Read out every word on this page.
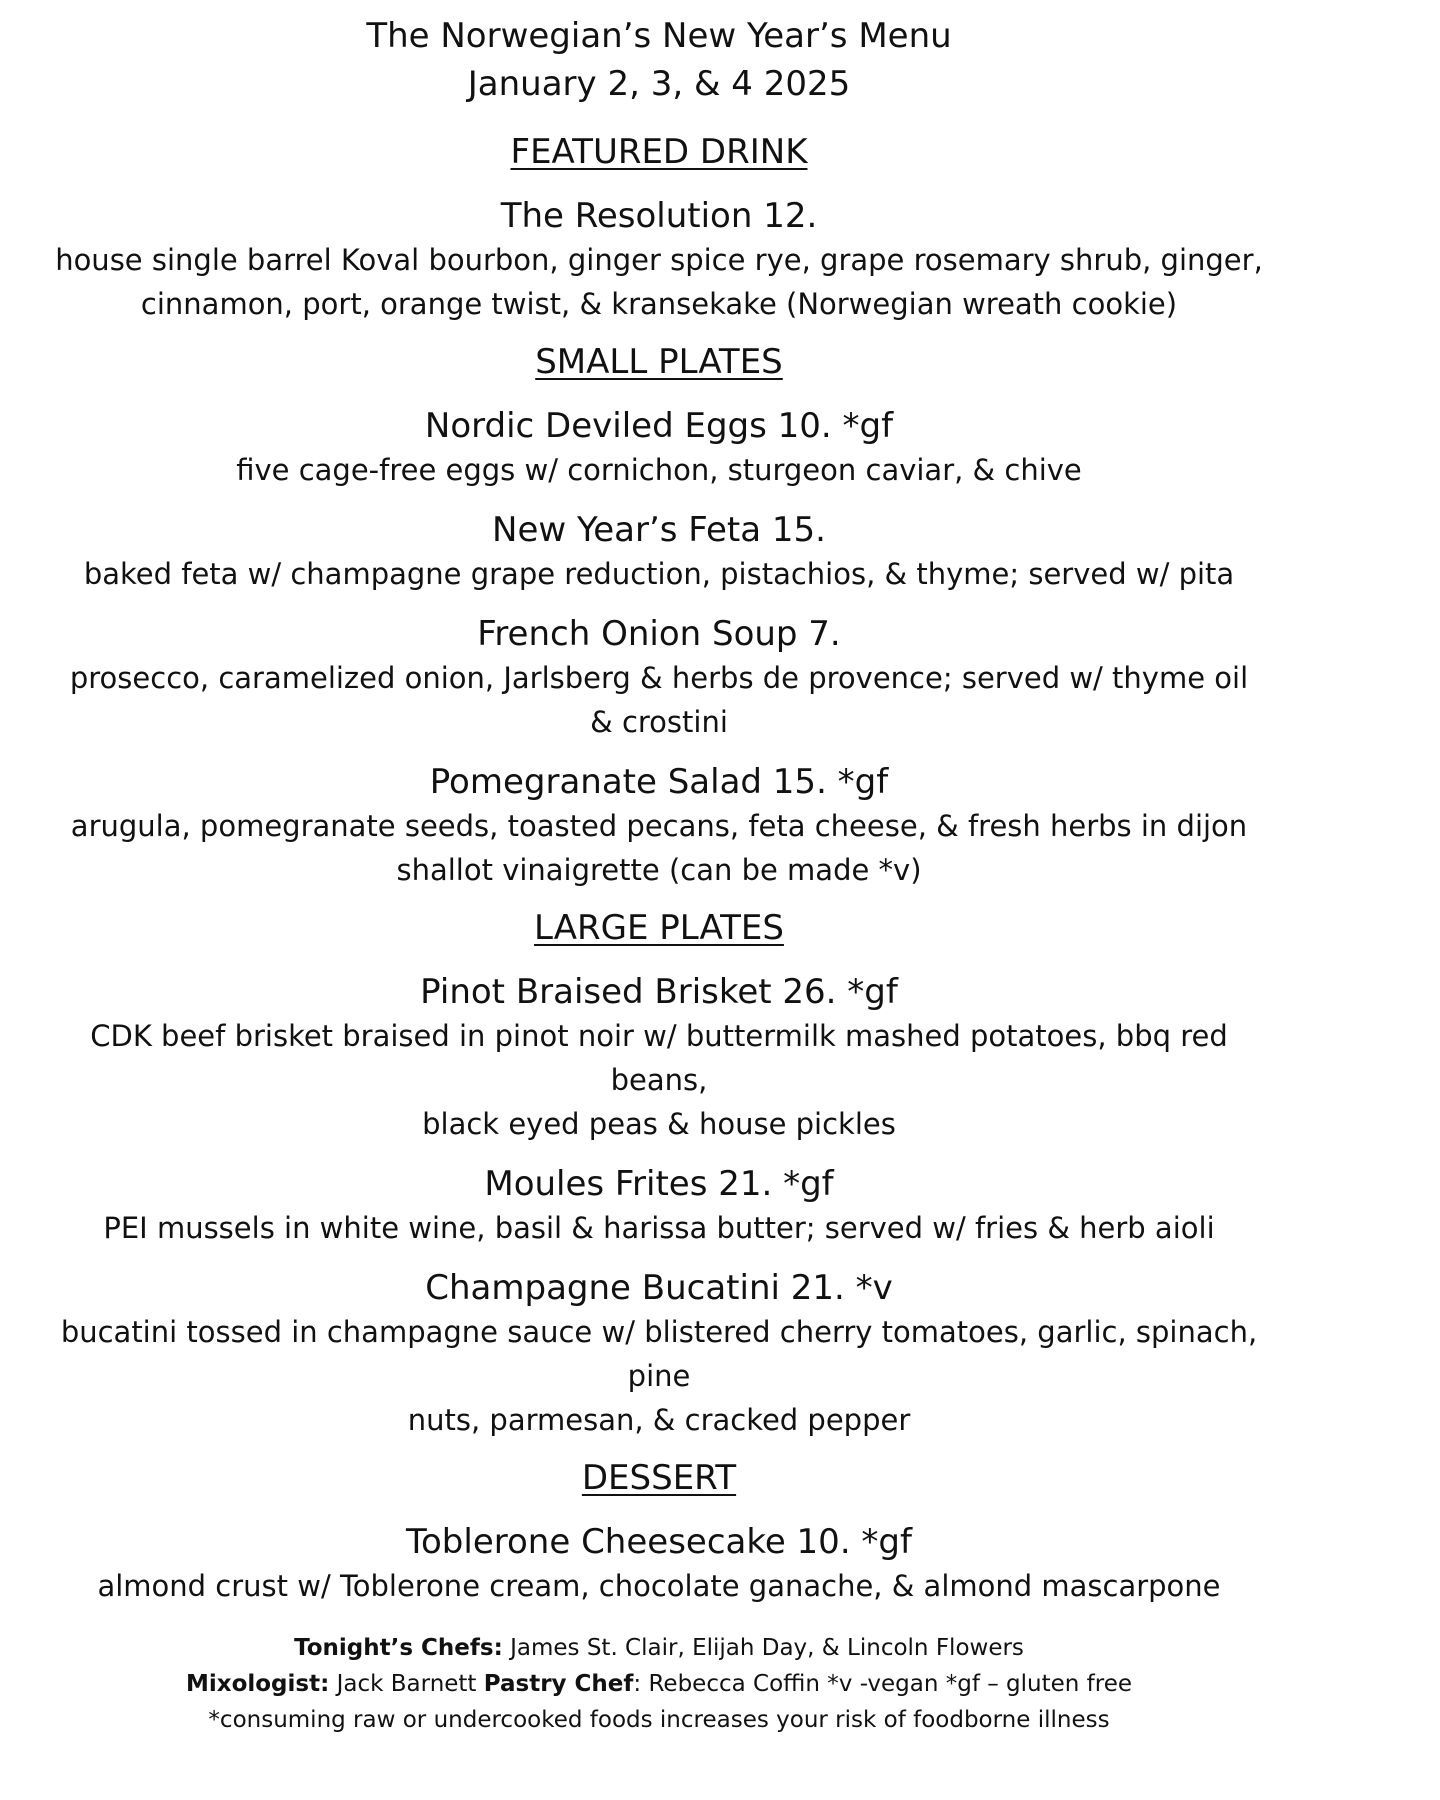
The Norwegian’s New Year’s Menu

January 2, 3, & 4 2025

FEATURED DRINK

The Resolution 12.

house single barrel Koval bourbon, ginger spice rye, grape rosemary shrub, ginger,

cinnamon, port, orange twist, & kransekake (Norwegian wreath cookie)

SMALL PLATES

Nordic Deviled Eggs 10. *gf

five cage-free eggs w/ cornichon, sturgeon caviar, & chive

New Year’s Feta 15.

baked feta w/ champagne grape reduction, pistachios, & thyme; served w/ pita

French Onion Soup 7.

prosecco, caramelized onion, Jarlsberg & herbs de provence; served w/ thyme oil

& crostini

Pomegranate Salad 15. *gf

arugula, pomegranate seeds, toasted pecans, feta cheese, & fresh herbs in dijon

shallot vinaigrette (can be made *v)

LARGE PLATES

Pinot Braised Brisket 26. *gf

CDK beef brisket braised in pinot noir w/ buttermilk mashed potatoes, bbq red beans,

black eyed peas & house pickles

Moules Frites 21. *gf

PEI mussels in white wine, basil & harissa butter; served w/ fries & herb aioli

Champagne Bucatini 21. *v

bucatini tossed in champagne sauce w/ blistered cherry tomatoes, garlic, spinach, pine

nuts, parmesan, & cracked pepper

DESSERT

Toblerone Cheesecake 10. *gf

almond crust w/ Toblerone cream, chocolate ganache, & almond mascarpone

Tonight’s Chefs: James St. Clair, Elijah Day, & Lincoln Flowers

Mixologist: Jack Barnett Pastry Chef: Rebecca Coffin *v -vegan *gf – gluten free

*consuming raw or undercooked foods increases your risk of foodborne illness
